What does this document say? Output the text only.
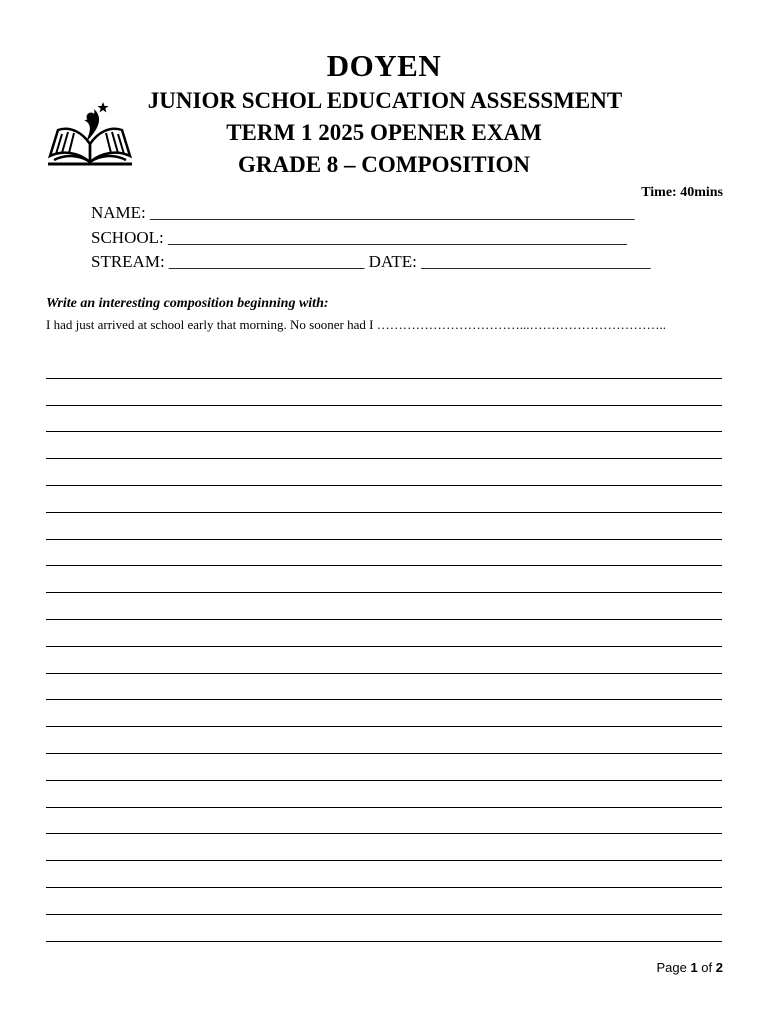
DOYEN
JUNIOR SCHOL EDUCATION ASSESSMENT
TERM 1 2025 OPENER EXAM
GRADE 8 – COMPOSITION
Time: 40mins
NAME: _________________________________________________________
SCHOOL: ______________________________________________________
STREAM: _______________________ DATE: ___________________________
Write an interesting composition beginning with:
I had just arrived at school early that morning. No sooner had I ……………………………...…………………………..
Page 1 of 2
